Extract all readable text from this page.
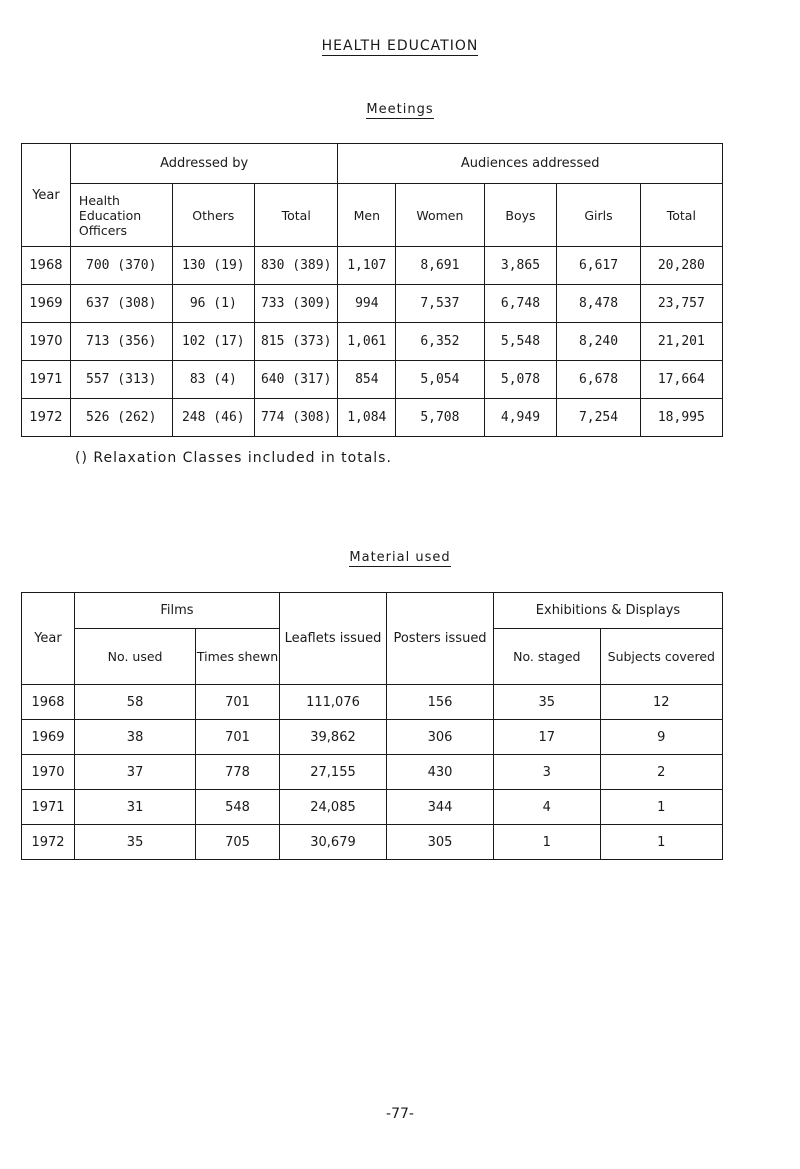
HEALTH EDUCATION
Meetings
Year	Addressed by			Audiences addressed				
	Health Education Officers	Others	Total	Men	Women	Boys	Girls	Total
1968	700 (370)	130 (19)	830 (389)	1,107	8,691	3,865	6,617	20,280
1969	637 (308)	96 (1)	733 (309)	994	7,537	6,748	8,478	23,757
1970	713 (356)	102 (17)	815 (373)	1,061	6,352	5,548	8,240	21,201
1971	557 (313)	83 (4)	640 (317)	854	5,054	5,078	6,678	17,664
1972	526 (262)	248 (46)	774 (308)	1,084	5,708	4,949	7,254	18,995
() Relaxation Classes included in totals.
Material used
Year	Films		Leaflets issued	Posters issued	Exhibitions & Displays	
	No. used	Times shewn			No. staged	Subjects covered
1968	58	701	111,076	156	35	12
1969	38	701	39,862	306	17	9
1970	37	778	27,155	430	3	2
1971	31	548	24,085	344	4	1
1972	35	705	30,679	305	1	1
-77-
